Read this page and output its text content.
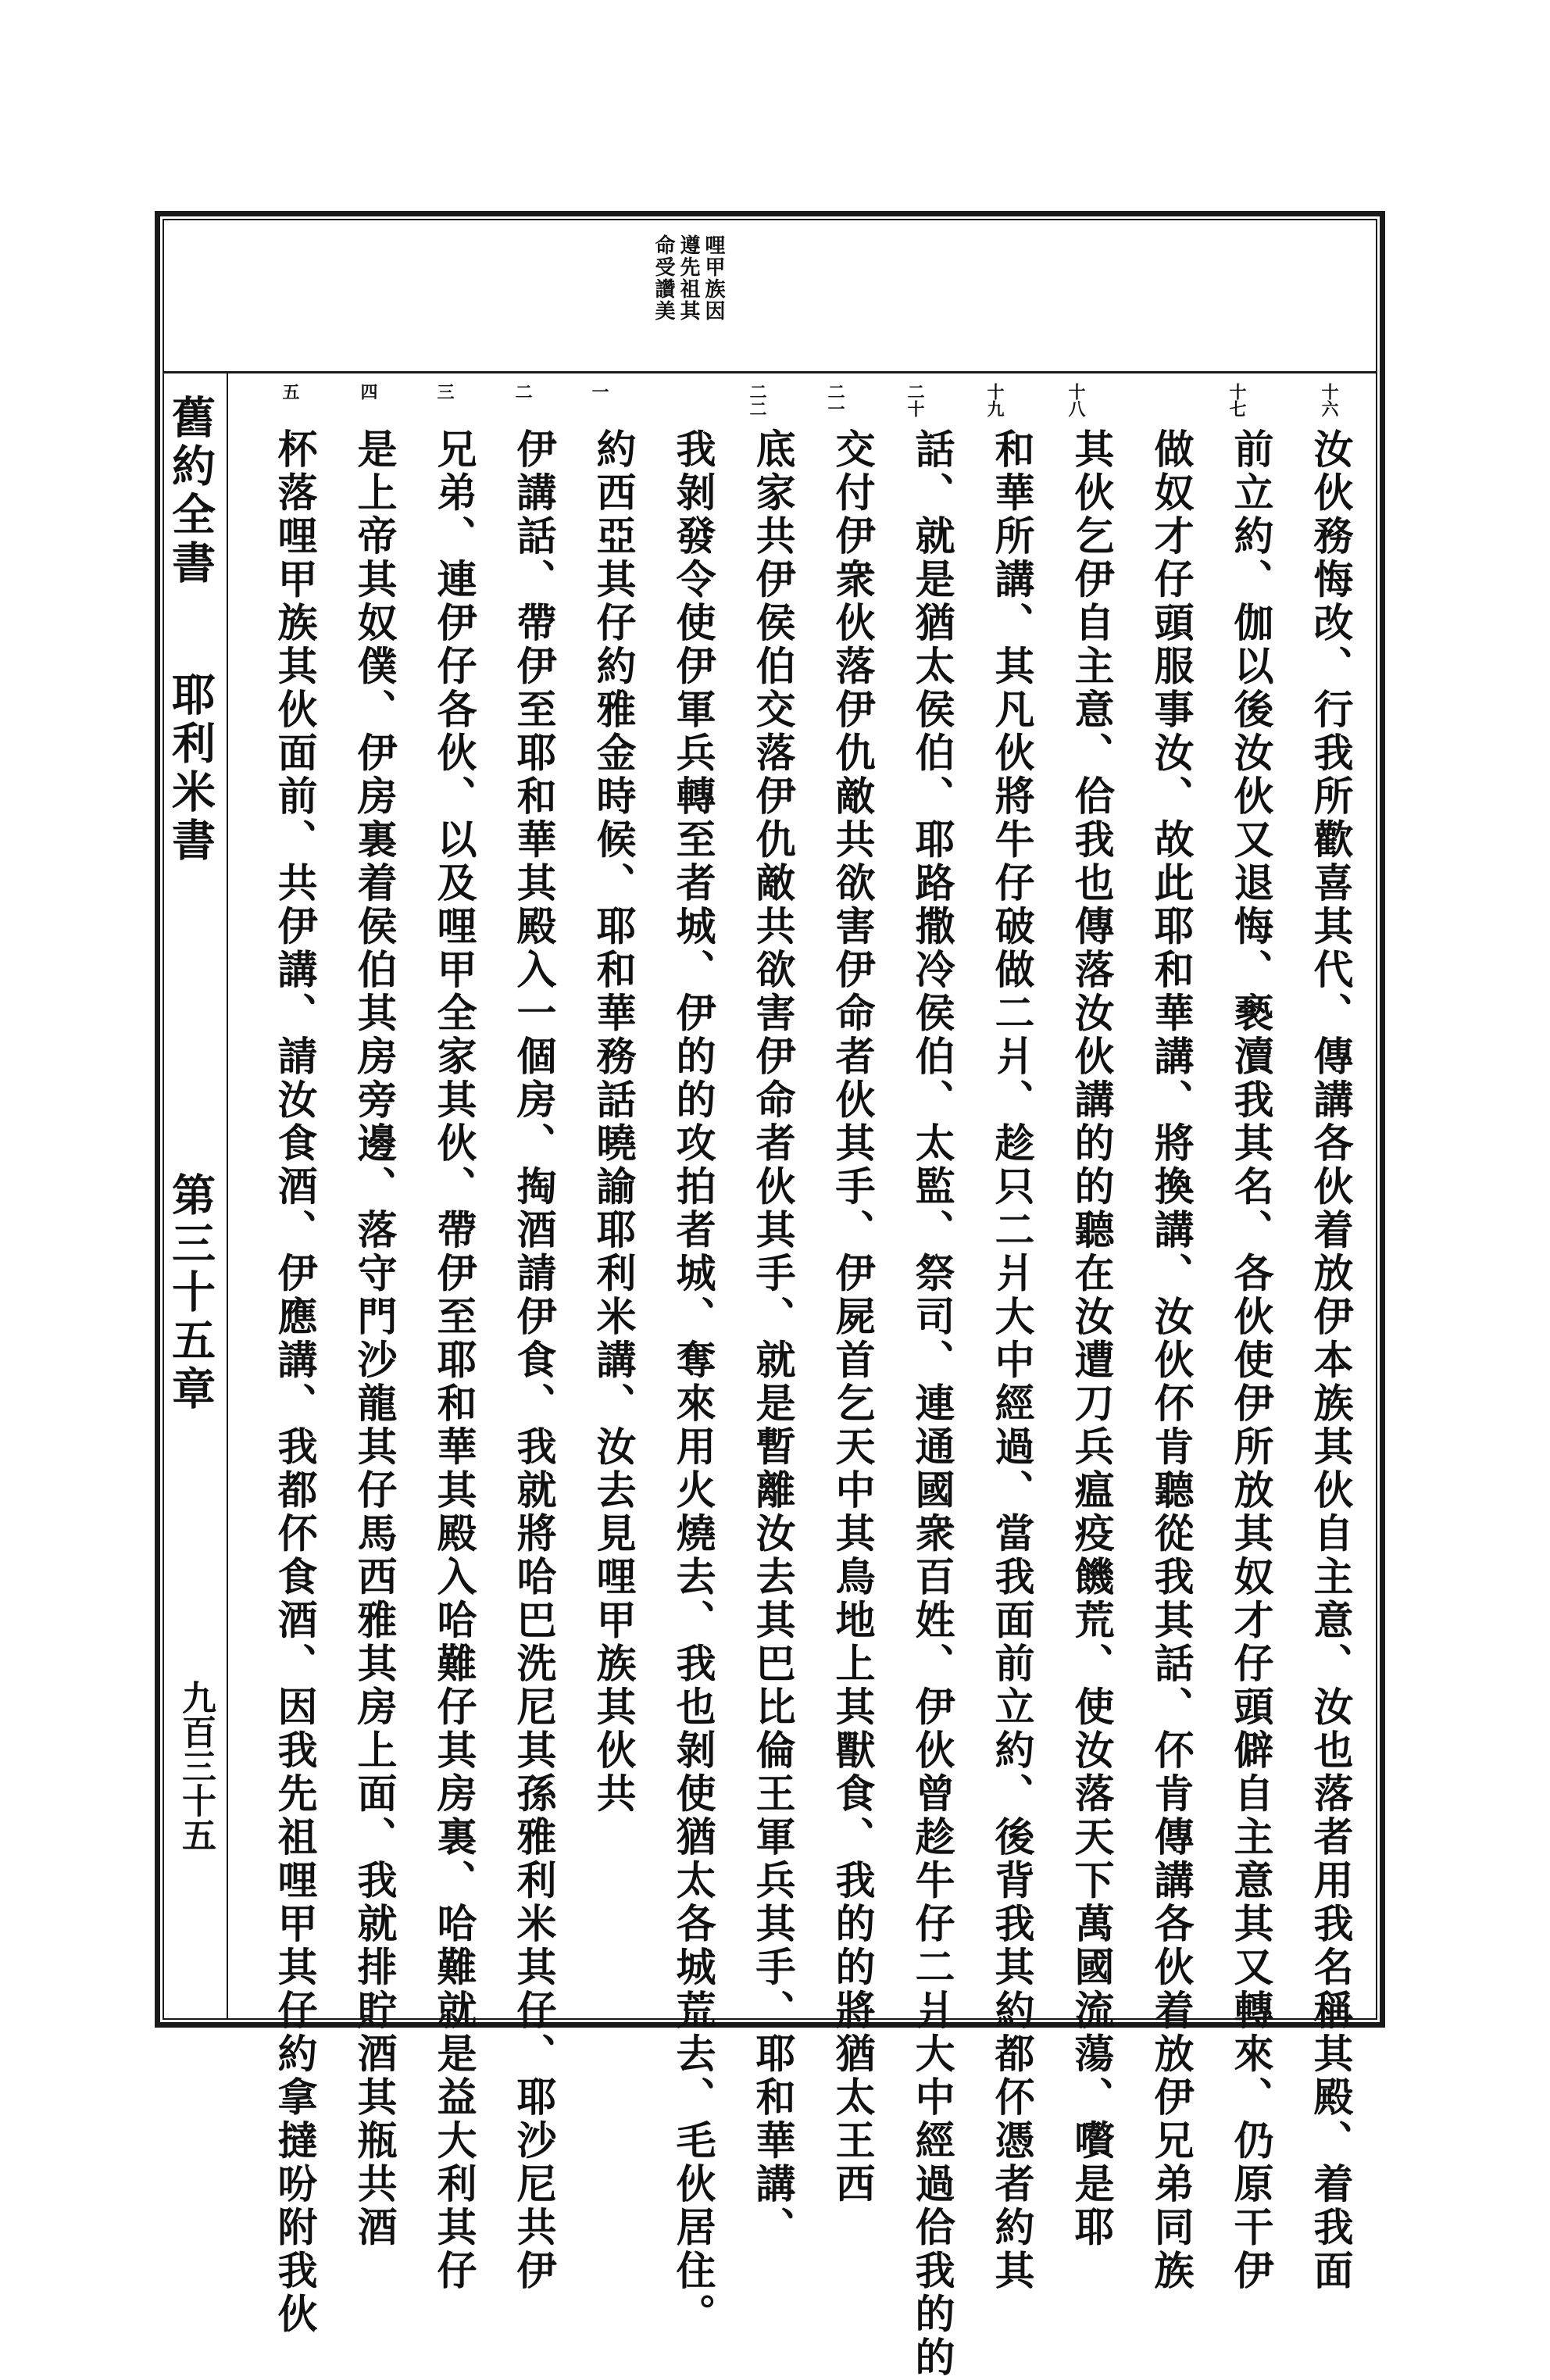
哩甲族因
遵先祖其
命受讚美
舊約全書
耶利米書
第三十五章
九百三十五
十六
十七
十八
十九
二十
二一
二二
一
二
三
四
五
汝伙務悔改、行我所歡喜其代、傳講各伙着放伊本族其伙自主意、汝也落者用我名稱其殿、着我面
前立約、伽以後汝伙又退悔、褻瀆我其名、各伙使伊所放其奴才仔頭僻自主意其又轉來、仍原干伊
做奴才仔頭服事汝、故此耶和華講、將換講、汝伙伓肯聽從我其話、伓肯傳講各伙着放伊兄弟同族
其伙乞伊自主意、佮我也傳落汝伙講的的聽在汝遭刀兵瘟疫饑荒、使汝落天下萬國流蕩、嚽是耶
和華所講、其凡伙將牛仔破做二爿、趁只二爿大中經過、當我面前立約、後背我其約都伓憑者約其
話、就是猶太侯伯、耶路撒冷侯伯、太監、祭司、連通國衆百姓、伊伙曾趁牛仔二爿大中經過佮我的的
交付伊衆伙落伊仇敵共欲害伊命者伙其手、伊屍首乞天中其鳥地上其獸食、我的的將猶太王西
底家共伊侯伯交落伊仇敵共欲害伊命者伙其手、就是暫離汝去其巴比倫王軍兵其手、耶和華講、
我剝發令使伊軍兵轉至者城、伊的的攻拍者城、奪來用火燒去、我也剝使猶太各城荒去、毛伙居住。
約西亞其仔約雅金時候、耶和華務話曉諭耶利米講、汝去見哩甲族其伙共
伊講話、帶伊至耶和華其殿入一個房、掏酒請伊食、我就將哈巴洗尼其孫雅利米其仔、耶沙尼共伊
兄弟、連伊仔各伙、以及哩甲全家其伙、帶伊至耶和華其殿入哈難仔其房裏、哈難就是益大利其仔
是上帝其奴僕、伊房裏着侯伯其房旁邊、落守門沙龍其仔馬西雅其房上面、我就排貯酒其瓶共酒
杯落哩甲族其伙面前、共伊講、請汝食酒、伊應講、我都伓食酒、因我先祖哩甲其仔約拿撻吩附我伙
